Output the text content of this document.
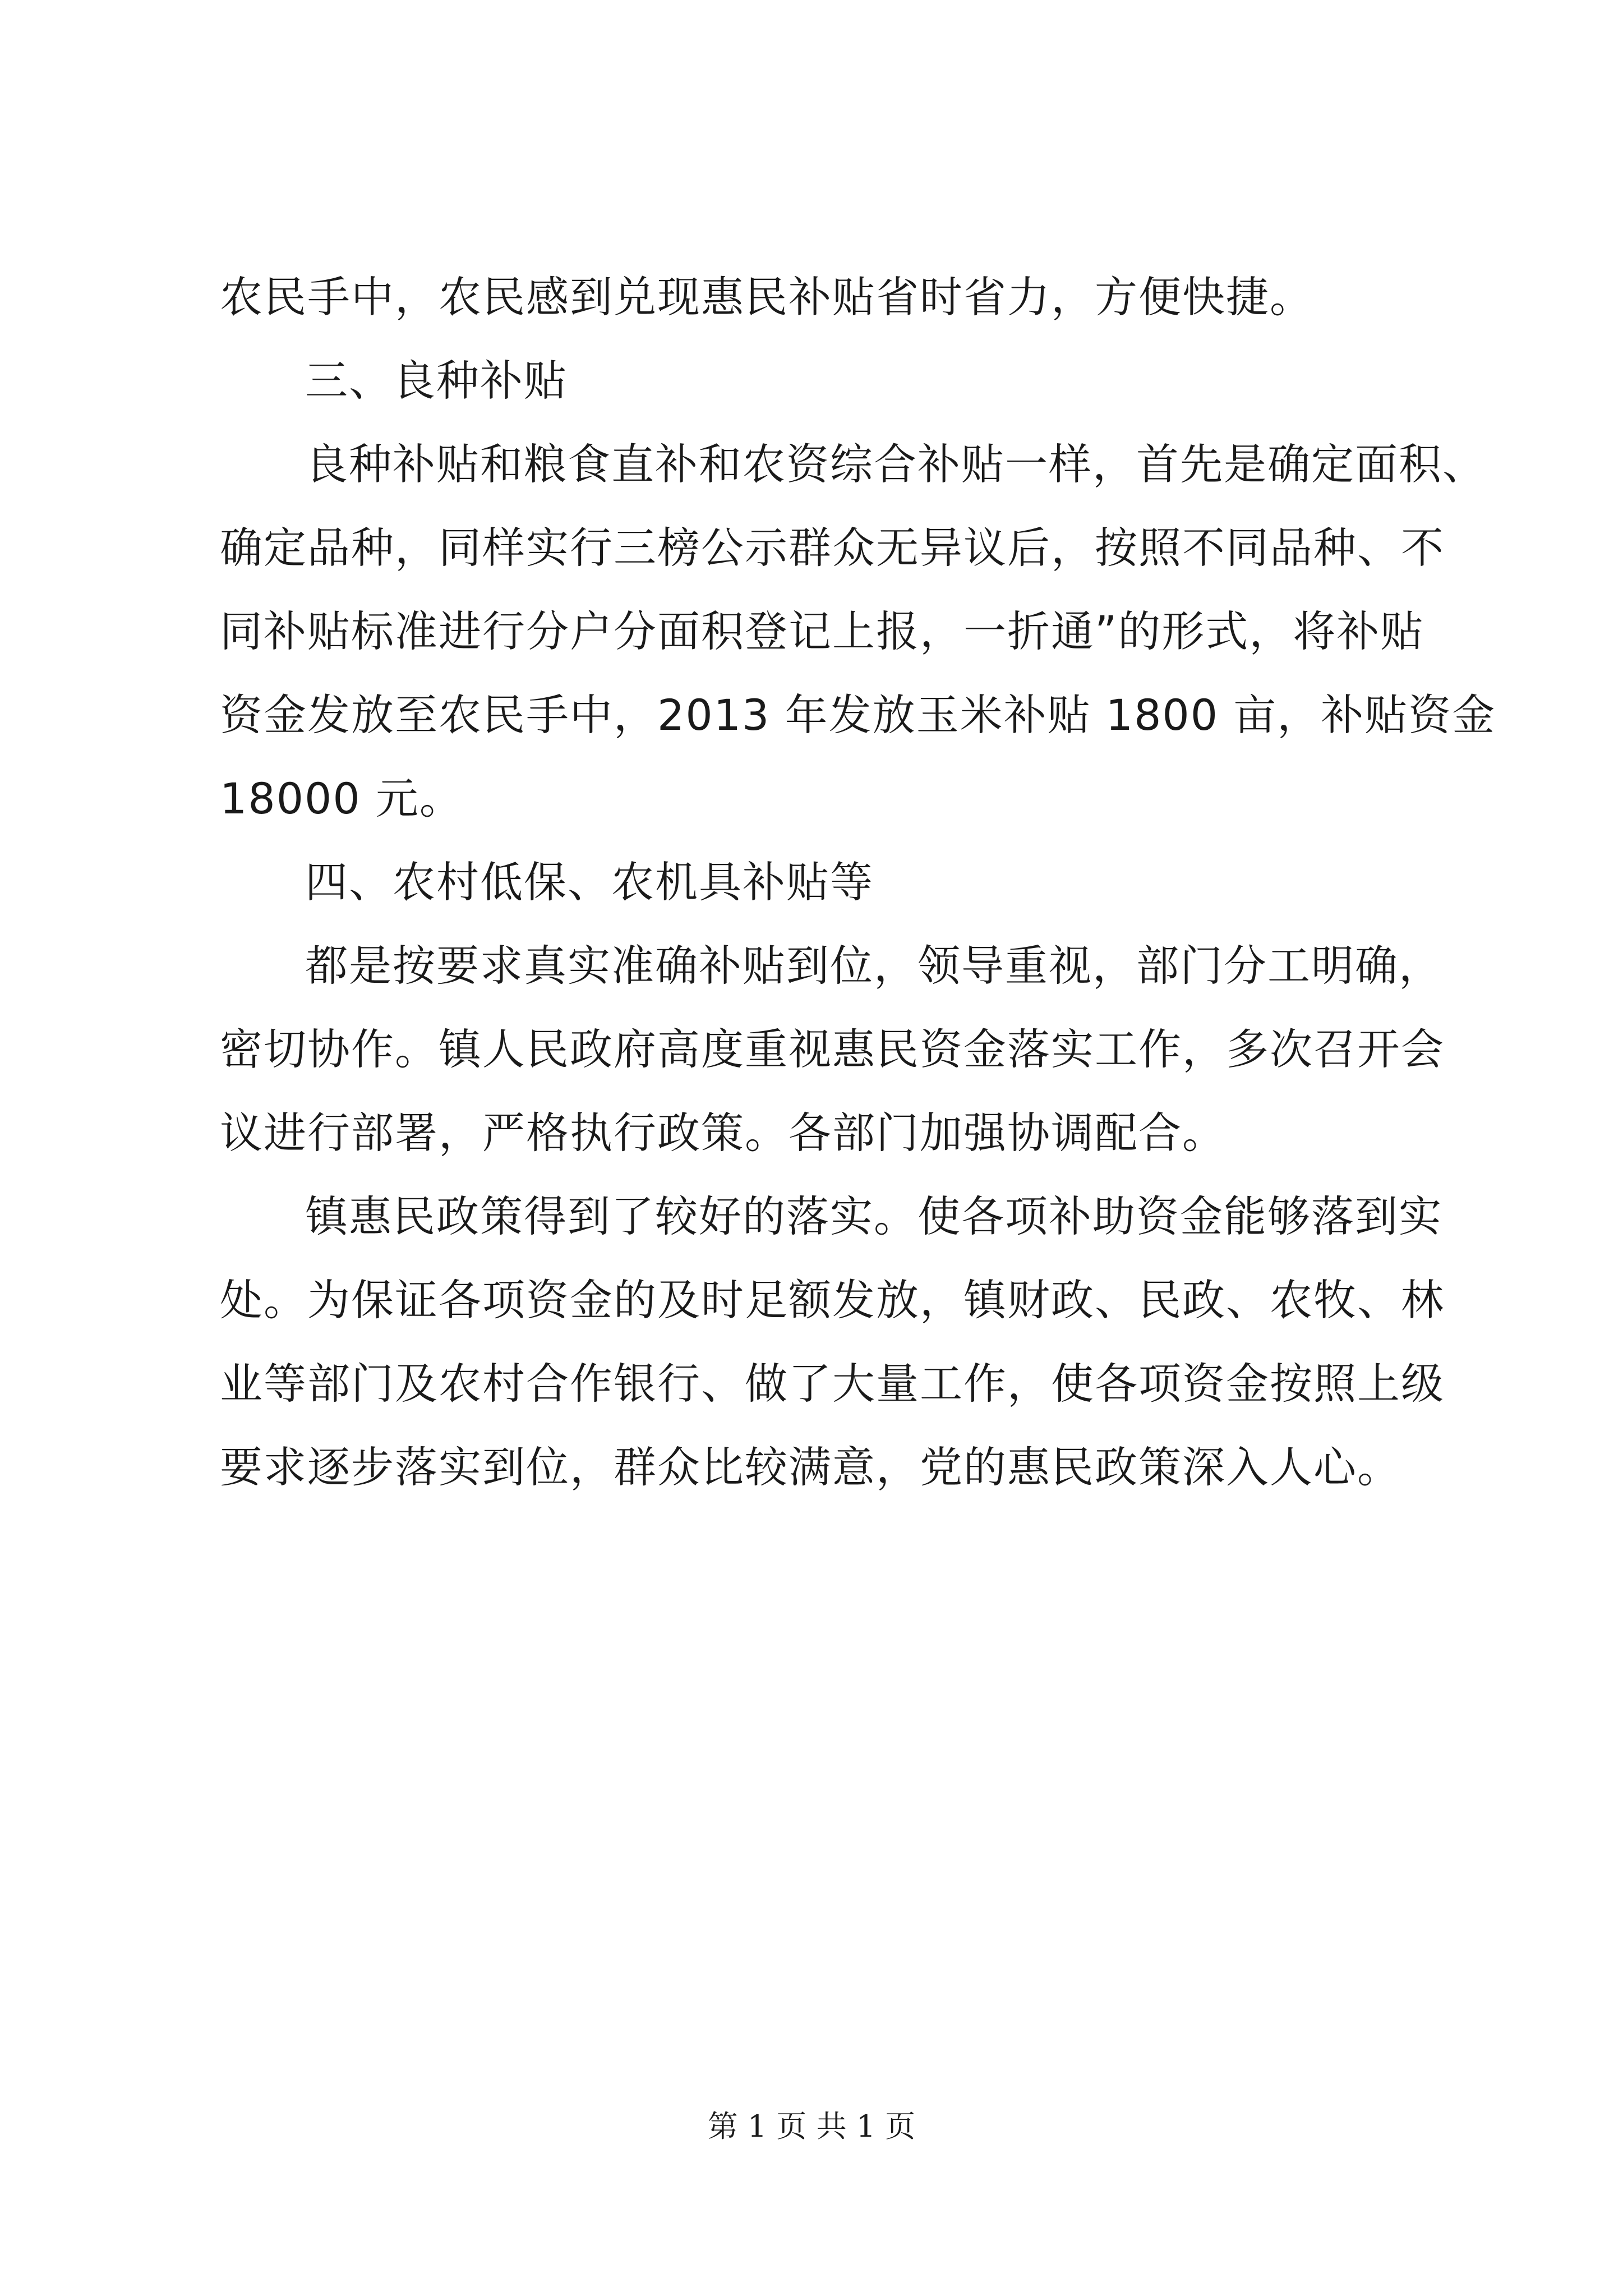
农民手中，农民感到兑现惠民补贴省时省力，方便快捷。
三、良种补贴
良种补贴和粮食直补和农资综合补贴一样，首先是确定面积、
确定品种，同样实行三榜公示群众无异议后，按照不同品种、不
同补贴标准进行分户分面积登记上报，一折通”的形式，将补贴
资金发放至农民手中，2013 年发放玉米补贴 1800 亩，补贴资金
18000 元。
四、农村低保、农机具补贴等
都是按要求真实准确补贴到位，领导重视，部门分工明确，
密切协作。镇人民政府高度重视惠民资金落实工作，多次召开会
议进行部署，严格执行政策。各部门加强协调配合。
镇惠民政策得到了较好的落实。使各项补助资金能够落到实
处。为保证各项资金的及时足额发放，镇财政、民政、农牧、林
业等部门及农村合作银行、做了大量工作，使各项资金按照上级
要求逐步落实到位，群众比较满意，党的惠民政策深入人心。
第 1 页 共 1 页
